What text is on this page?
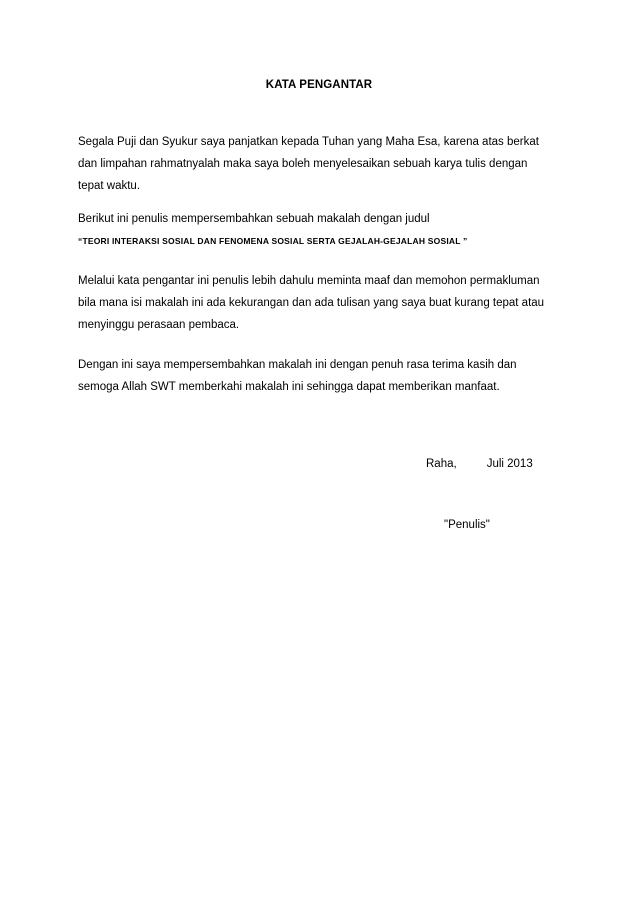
KATA PENGANTAR

Segala Puji dan Syukur saya panjatkan kepada Tuhan yang Maha Esa, karena atas berkat
dan limpahan rahmatnyalah maka saya boleh menyelesaikan sebuah karya tulis dengan
tepat waktu.

Berikut ini penulis mempersembahkan sebuah makalah dengan judul
“TEORI INTERAKSI SOSIAL DAN FENOMENA SOSIAL SERTA GEJALAH-GEJALAH SOSIAL ”

Melalui kata pengantar ini penulis lebih dahulu meminta maaf dan memohon permakluman
bila mana isi makalah ini ada kekurangan dan ada tulisan yang saya buat kurang tepat atau
menyinggu perasaan pembaca.

Dengan ini saya mempersembahkan makalah ini dengan penuh rasa terima kasih dan
semoga Allah SWT memberkahi makalah ini sehingga dapat memberikan manfaat.

Raha,	Juli 2013
"Penulis"
